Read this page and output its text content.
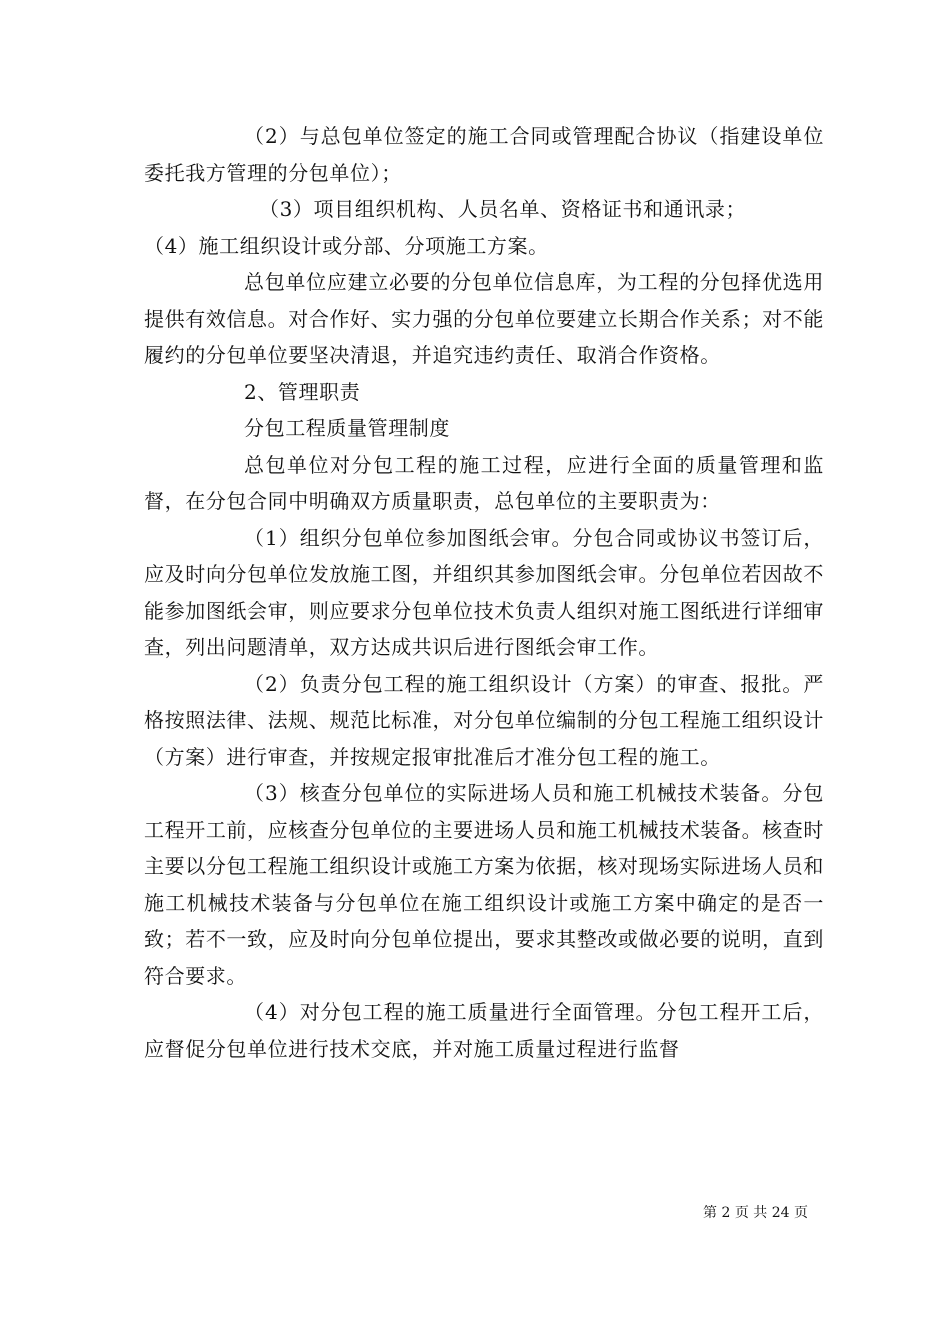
（2）与总包单位签定的施工合同或管理配合协议（指建设单位委托我方管理的分包单位）；

（3）项目组织机构、人员名单、资格证书和通讯录；

（4）施工组织设计或分部、分项施工方案。

总包单位应建立必要的分包单位信息库，为工程的分包择优选用提供有效信息。对合作好、实力强的分包单位要建立长期合作关系；对不能履约的分包单位要坚决清退，并追究违约责任、取消合作资格。

2、管理职责

分包工程质量管理制度

总包单位对分包工程的施工过程，应进行全面的质量管理和监督，在分包合同中明确双方质量职责，总包单位的主要职责为：

（1）组织分包单位参加图纸会审。分包合同或协议书签订后，应及时向分包单位发放施工图，并组织其参加图纸会审。分包单位若因故不能参加图纸会审，则应要求分包单位技术负责人组织对施工图纸进行详细审查，列出问题清单，双方达成共识后进行图纸会审工作。

（2）负责分包工程的施工组织设计（方案）的审查、报批。严格按照法律、法规、规范比标准，对分包单位编制的分包工程施工组织设计（方案）进行审查，并按规定报审批准后才准分包工程的施工。

（3）核查分包单位的实际进场人员和施工机械技术装备。分包工程开工前，应核查分包单位的主要进场人员和施工机械技术装备。核查时主要以分包工程施工组织设计或施工方案为依据，核对现场实际进场人员和施工机械技术装备与分包单位在施工组织设计或施工方案中确定的是否一致；若不一致，应及时向分包单位提出，要求其整改或做必要的说明，直到符合要求。

（4）对分包工程的施工质量进行全面管理。分包工程开工后，应督促分包单位进行技术交底，并对施工质量过程进行监督

第 2 页 共 24 页
